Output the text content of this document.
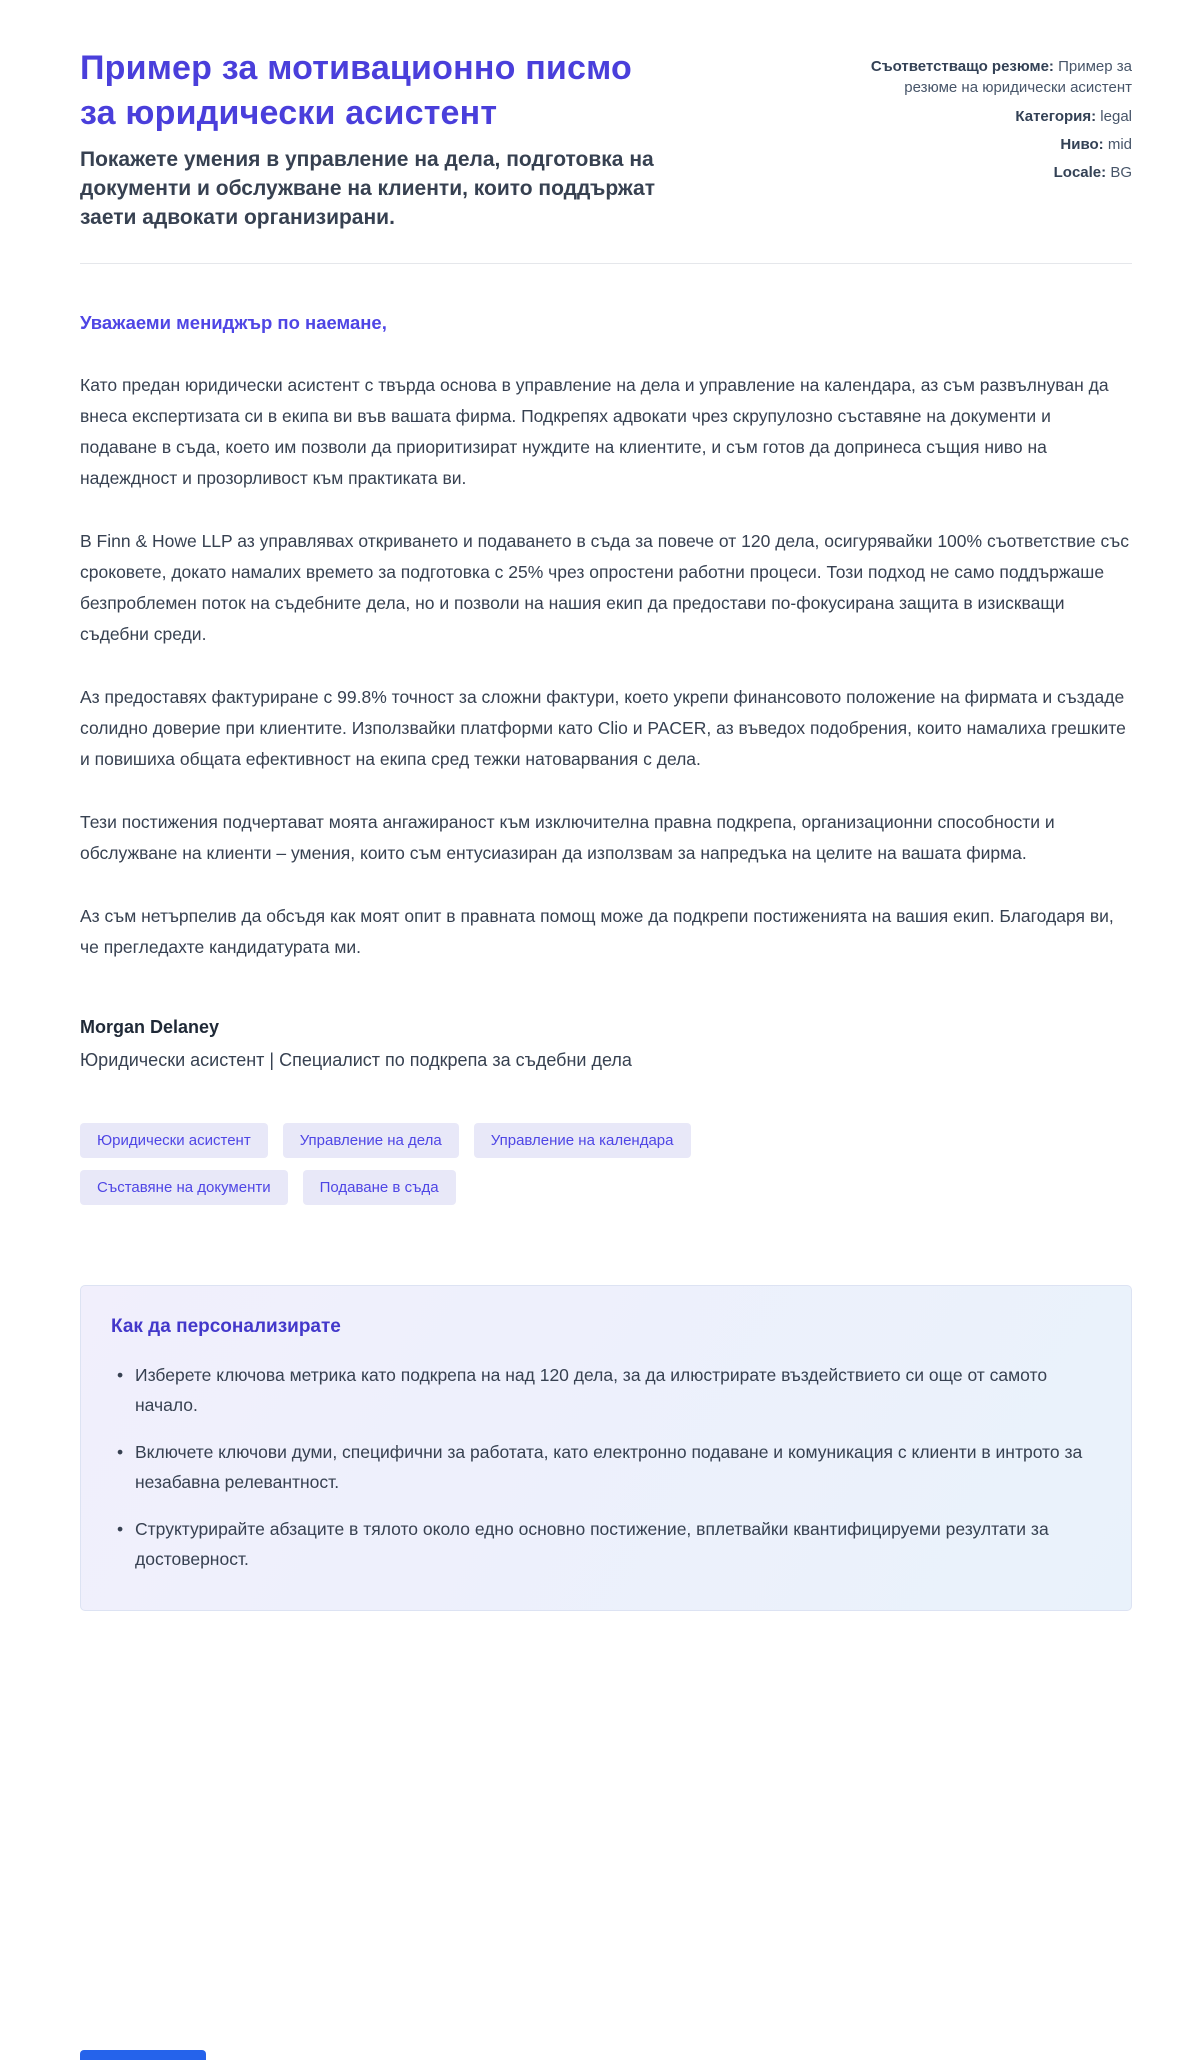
Пример за мотивационно писмо за юридически асистент
Покажете умения в управление на дела, подготовка на документи и обслужване на клиенти, които поддържат заети адвокати организирани.
Съответстващо резюме: Пример за резюме на юридически асистент
Категория: legal
Ниво: mid
Locale: BG
Уважаеми мениджър по наемане,

Като предан юридически асистент с твърда основа в управление на дела и управление на календара, аз съм развълнуван да внеса експертизата си в екипа ви във вашата фирма. Подкрепях адвокати чрез скрупулозно съставяне на документи и подаване в съда, което им позволи да приоритизират нуждите на клиентите, и съм готов да допринеса същия ниво на надеждност и прозорливост към практиката ви.

В Finn & Howe LLP аз управлявах откриването и подаването в съда за повече от 120 дела, осигурявайки 100% съответствие със сроковете, докато намалих времето за подготовка с 25% чрез опростени работни процеси. Този подход не само поддържаше безпроблемен поток на съдебните дела, но и позволи на нашия екип да предостави по-фокусирана защита в изискващи съдебни среди.

Аз предоставях фактуриране с 99.8% точност за сложни фактури, което укрепи финансовото положение на фирмата и създаде солидно доверие при клиентите. Използвайки платформи като Clio и PACER, аз въведох подобрения, които намалиха грешките и повишиха общата ефективност на екипа сред тежки натоварвания с дела.

Тези постижения подчертават моята ангажираност към изключителна правна подкрепа, организационни способности и обслужване на клиенти – умения, които съм ентусиазиран да използвам за напредъка на целите на вашата фирма.

Аз съм нетърпелив да обсъдя как моят опит в правната помощ може да подкрепи постиженията на вашия екип. Благодаря ви, че прегледахте кандидатурата ми.

Morgan Delaney
Юридически асистент | Специалист по подкрепа за съдебни дела
Юридически асистент	Управление на дела	Управление на календара
Съставяне на документи	Подаване в съда
Как да персонализирате
• Изберете ключова метрика като подкрепа на над 120 дела, за да илюстрирате въздействието си още от самото начало.
• Включете ключови думи, специфични за работата, като електронно подаване и комуникация с клиенти в интрото за незабавна релевантност.
• Структурирайте абзаците в тялото около едно основно постижение, вплетвайки квантифицируеми резултати за достоверност.
